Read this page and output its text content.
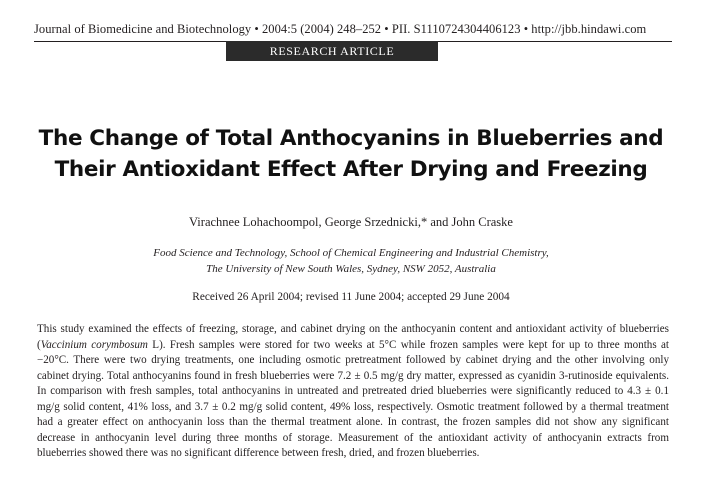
Journal of Biomedicine and Biotechnology • 2004:5 (2004) 248–252 • PII. S1110724304406123 • http://jbb.hindawi.com
RESEARCH ARTICLE
The Change of Total Anthocyanins in Blueberries and
Their Antioxidant Effect After Drying and Freezing
Virachnee Lohachoompol, George Srzednicki,* and John Craske
Food Science and Technology, School of Chemical Engineering and Industrial Chemistry,
The University of New South Wales, Sydney, NSW 2052, Australia
Received 26 April 2004; revised 11 June 2004; accepted 29 June 2004

This study examined the effects of freezing, storage, and cabinet drying on the anthocyanin content and antioxidant activity of blueberries (Vaccinium corymbosum L). Fresh samples were stored for two weeks at 5°C while frozen samples were kept for up to three months at −20°C. There were two drying treatments, one including osmotic pretreatment followed by cabinet drying and the other involving only cabinet drying. Total anthocyanins found in fresh blueberries were 7.2 ± 0.5 mg/g dry matter, expressed as cyanidin 3-rutinoside equivalents. In comparison with fresh samples, total anthocyanins in untreated and pretreated dried blueberries were significantly reduced to 4.3 ± 0.1 mg/g solid content, 41% loss, and 3.7 ± 0.2 mg/g solid content, 49% loss, respectively. Osmotic treatment followed by a thermal treatment had a greater effect on anthocyanin loss than the thermal treatment alone. In contrast, the frozen samples did not show any significant decrease in anthocyanin level during three months of storage. Measurement of the antioxidant activity of anthocyanin extracts from blueberries showed there was no significant difference between fresh, dried, and frozen blueberries.
